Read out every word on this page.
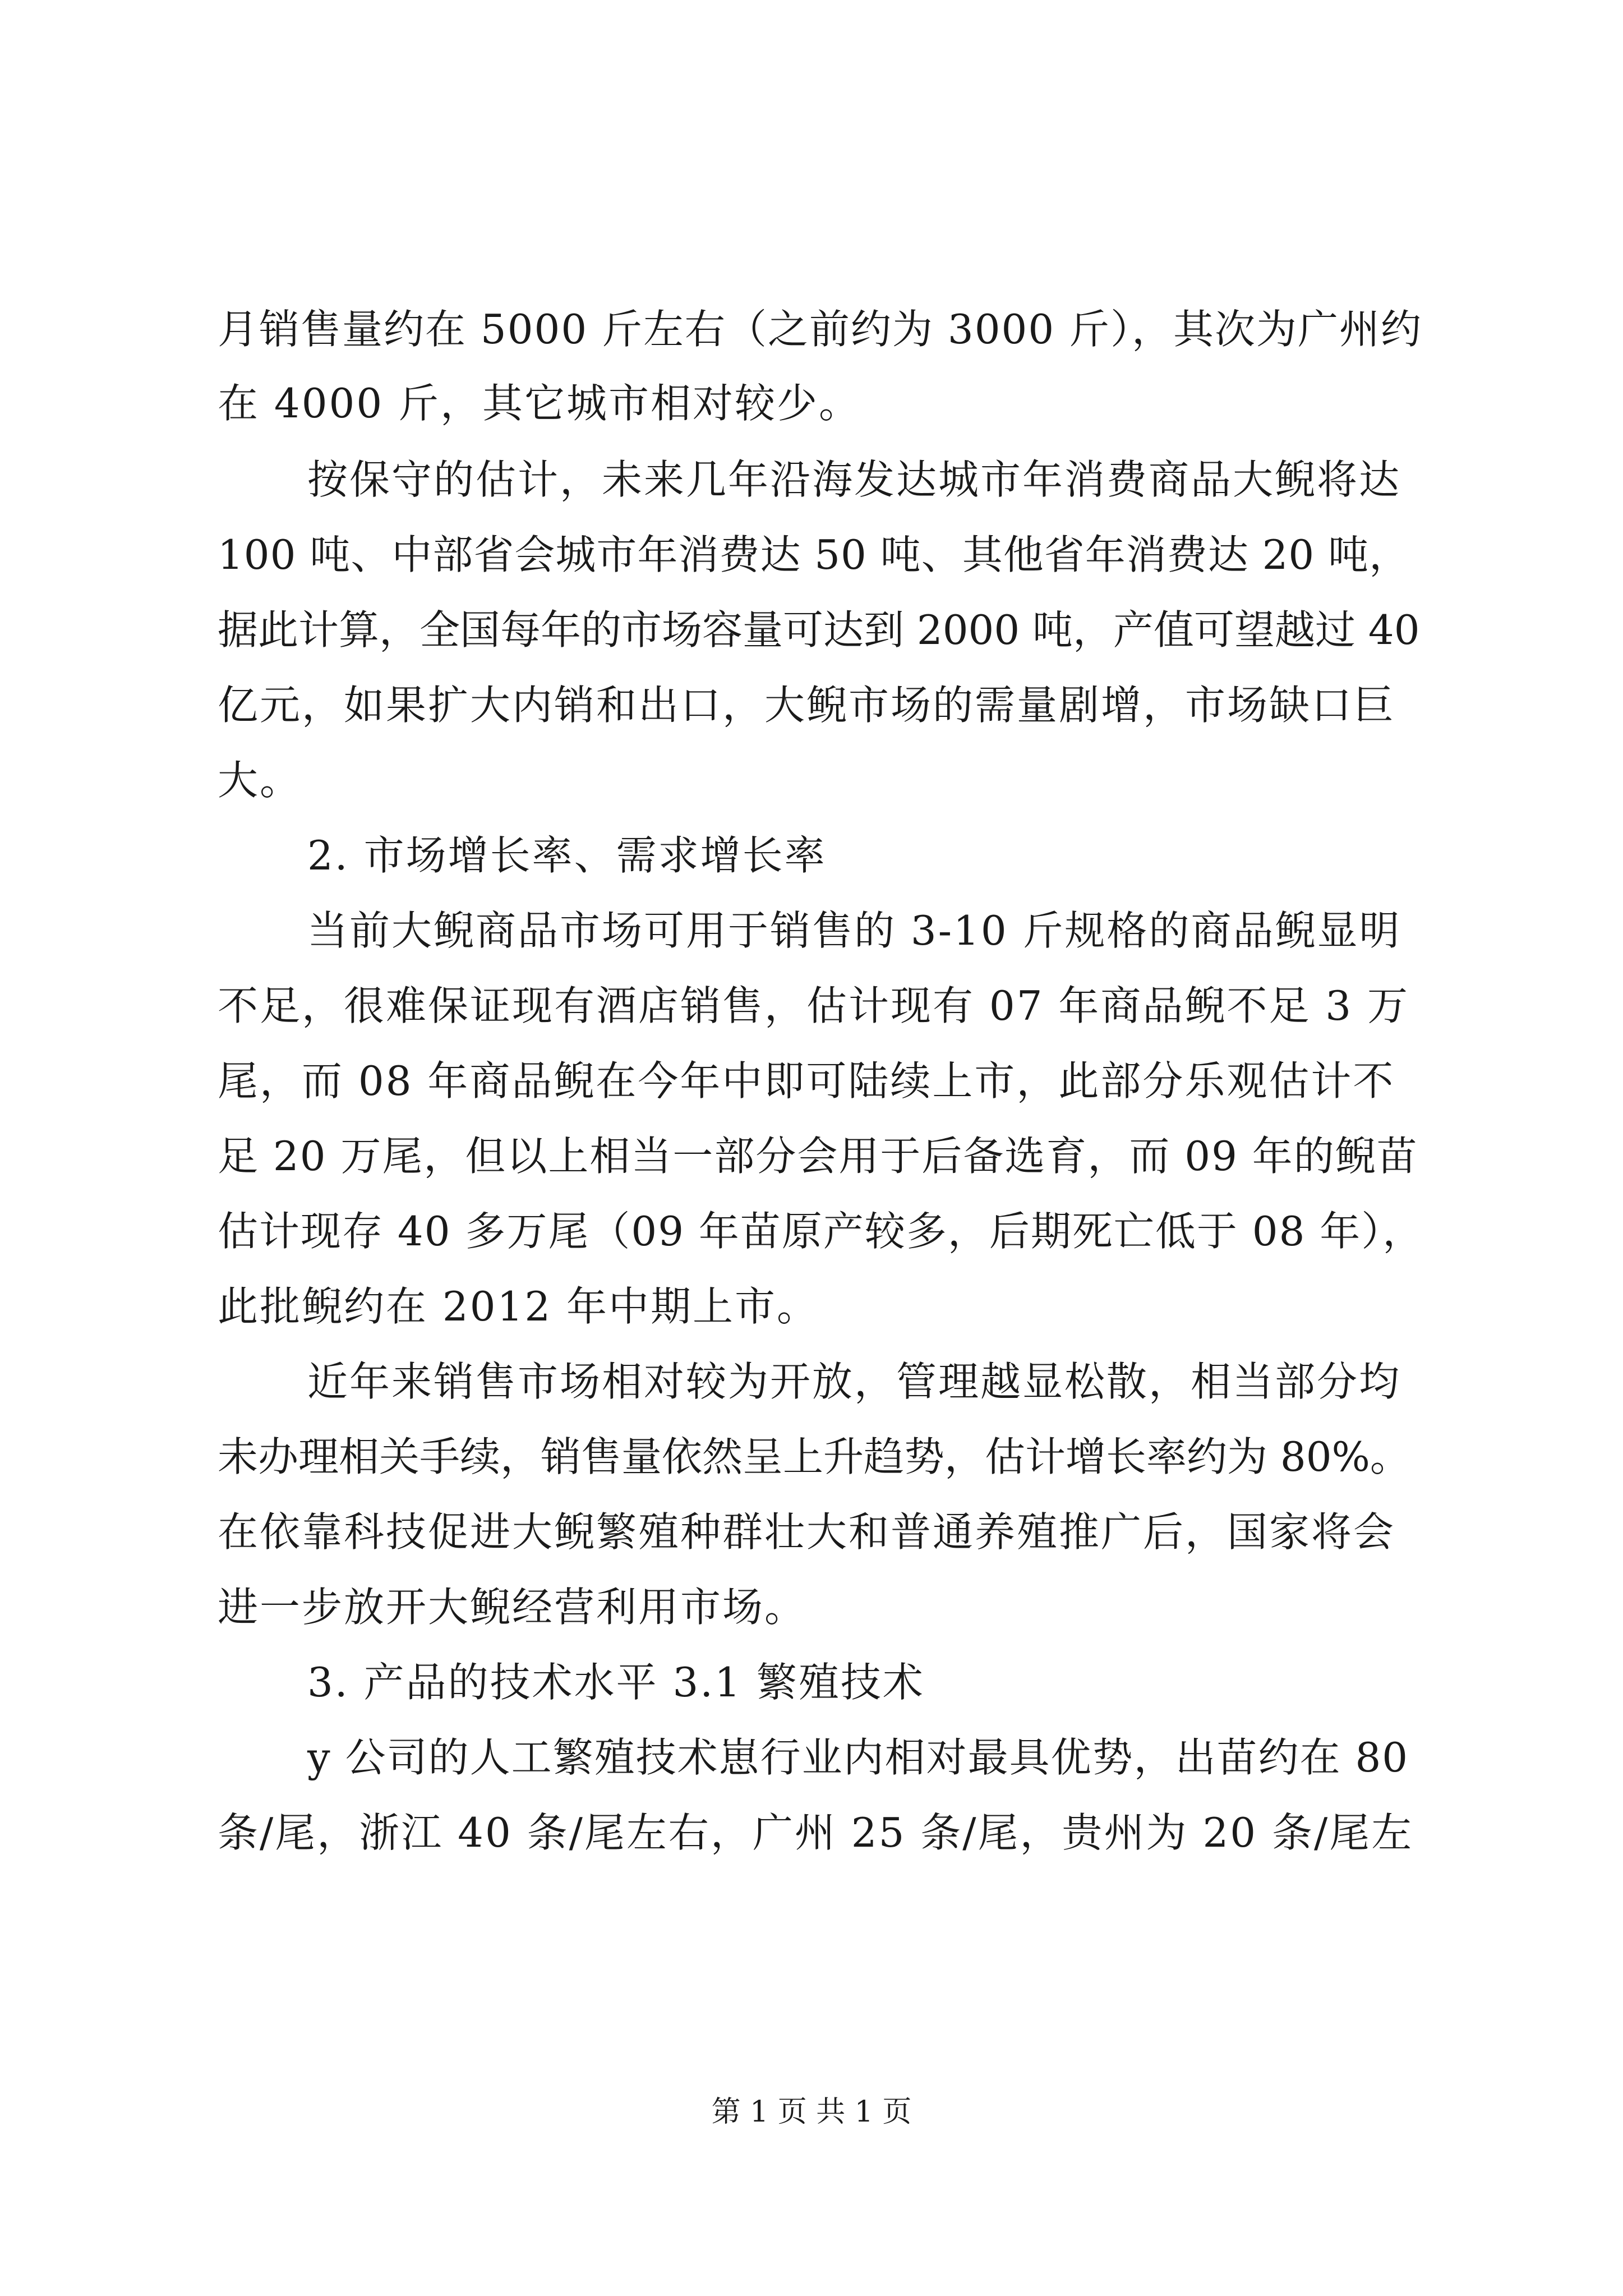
月销售量约在 5000 斤左右（之前约为 3000 斤），其次为广州约
在 4000 斤，其它城市相对较少。
按保守的估计，未来几年沿海发达城市年消费商品大鲵将达
100 吨、中部省会城市年消费达 50 吨、其他省年消费达 20 吨，
据此计算，全国每年的市场容量可达到 2000 吨，产值可望越过 40
亿元，如果扩大内销和出口，大鲵市场的需量剧增，市场缺口巨
大。
2. 市场增长率、需求增长率
当前大鲵商品市场可用于销售的 3-10 斤规格的商品鲵显明
不足，很难保证现有酒店销售，估计现有 07 年商品鲵不足 3 万
尾，而 08 年商品鲵在今年中即可陆续上市，此部分乐观估计不
足 20 万尾，但以上相当一部分会用于后备选育，而 09 年的鲵苗
估计现存 40 多万尾（09 年苗原产较多，后期死亡低于 08 年），
此批鲵约在 2012 年中期上市。
近年来销售市场相对较为开放，管理越显松散，相当部分均
未办理相关手续，销售量依然呈上升趋势，估计增长率约为 80%。
在依靠科技促进大鲵繁殖种群壮大和普通养殖推广后，国家将会
进一步放开大鲵经营利用市场。
3. 产品的技术水平 3.1 繁殖技术
y 公司的人工繁殖技术崽行业内相对最具优势，出苗约在 80
条/尾，浙江 40 条/尾左右，广州 25 条/尾，贵州为 20 条/尾左
第 1 页 共 1 页
